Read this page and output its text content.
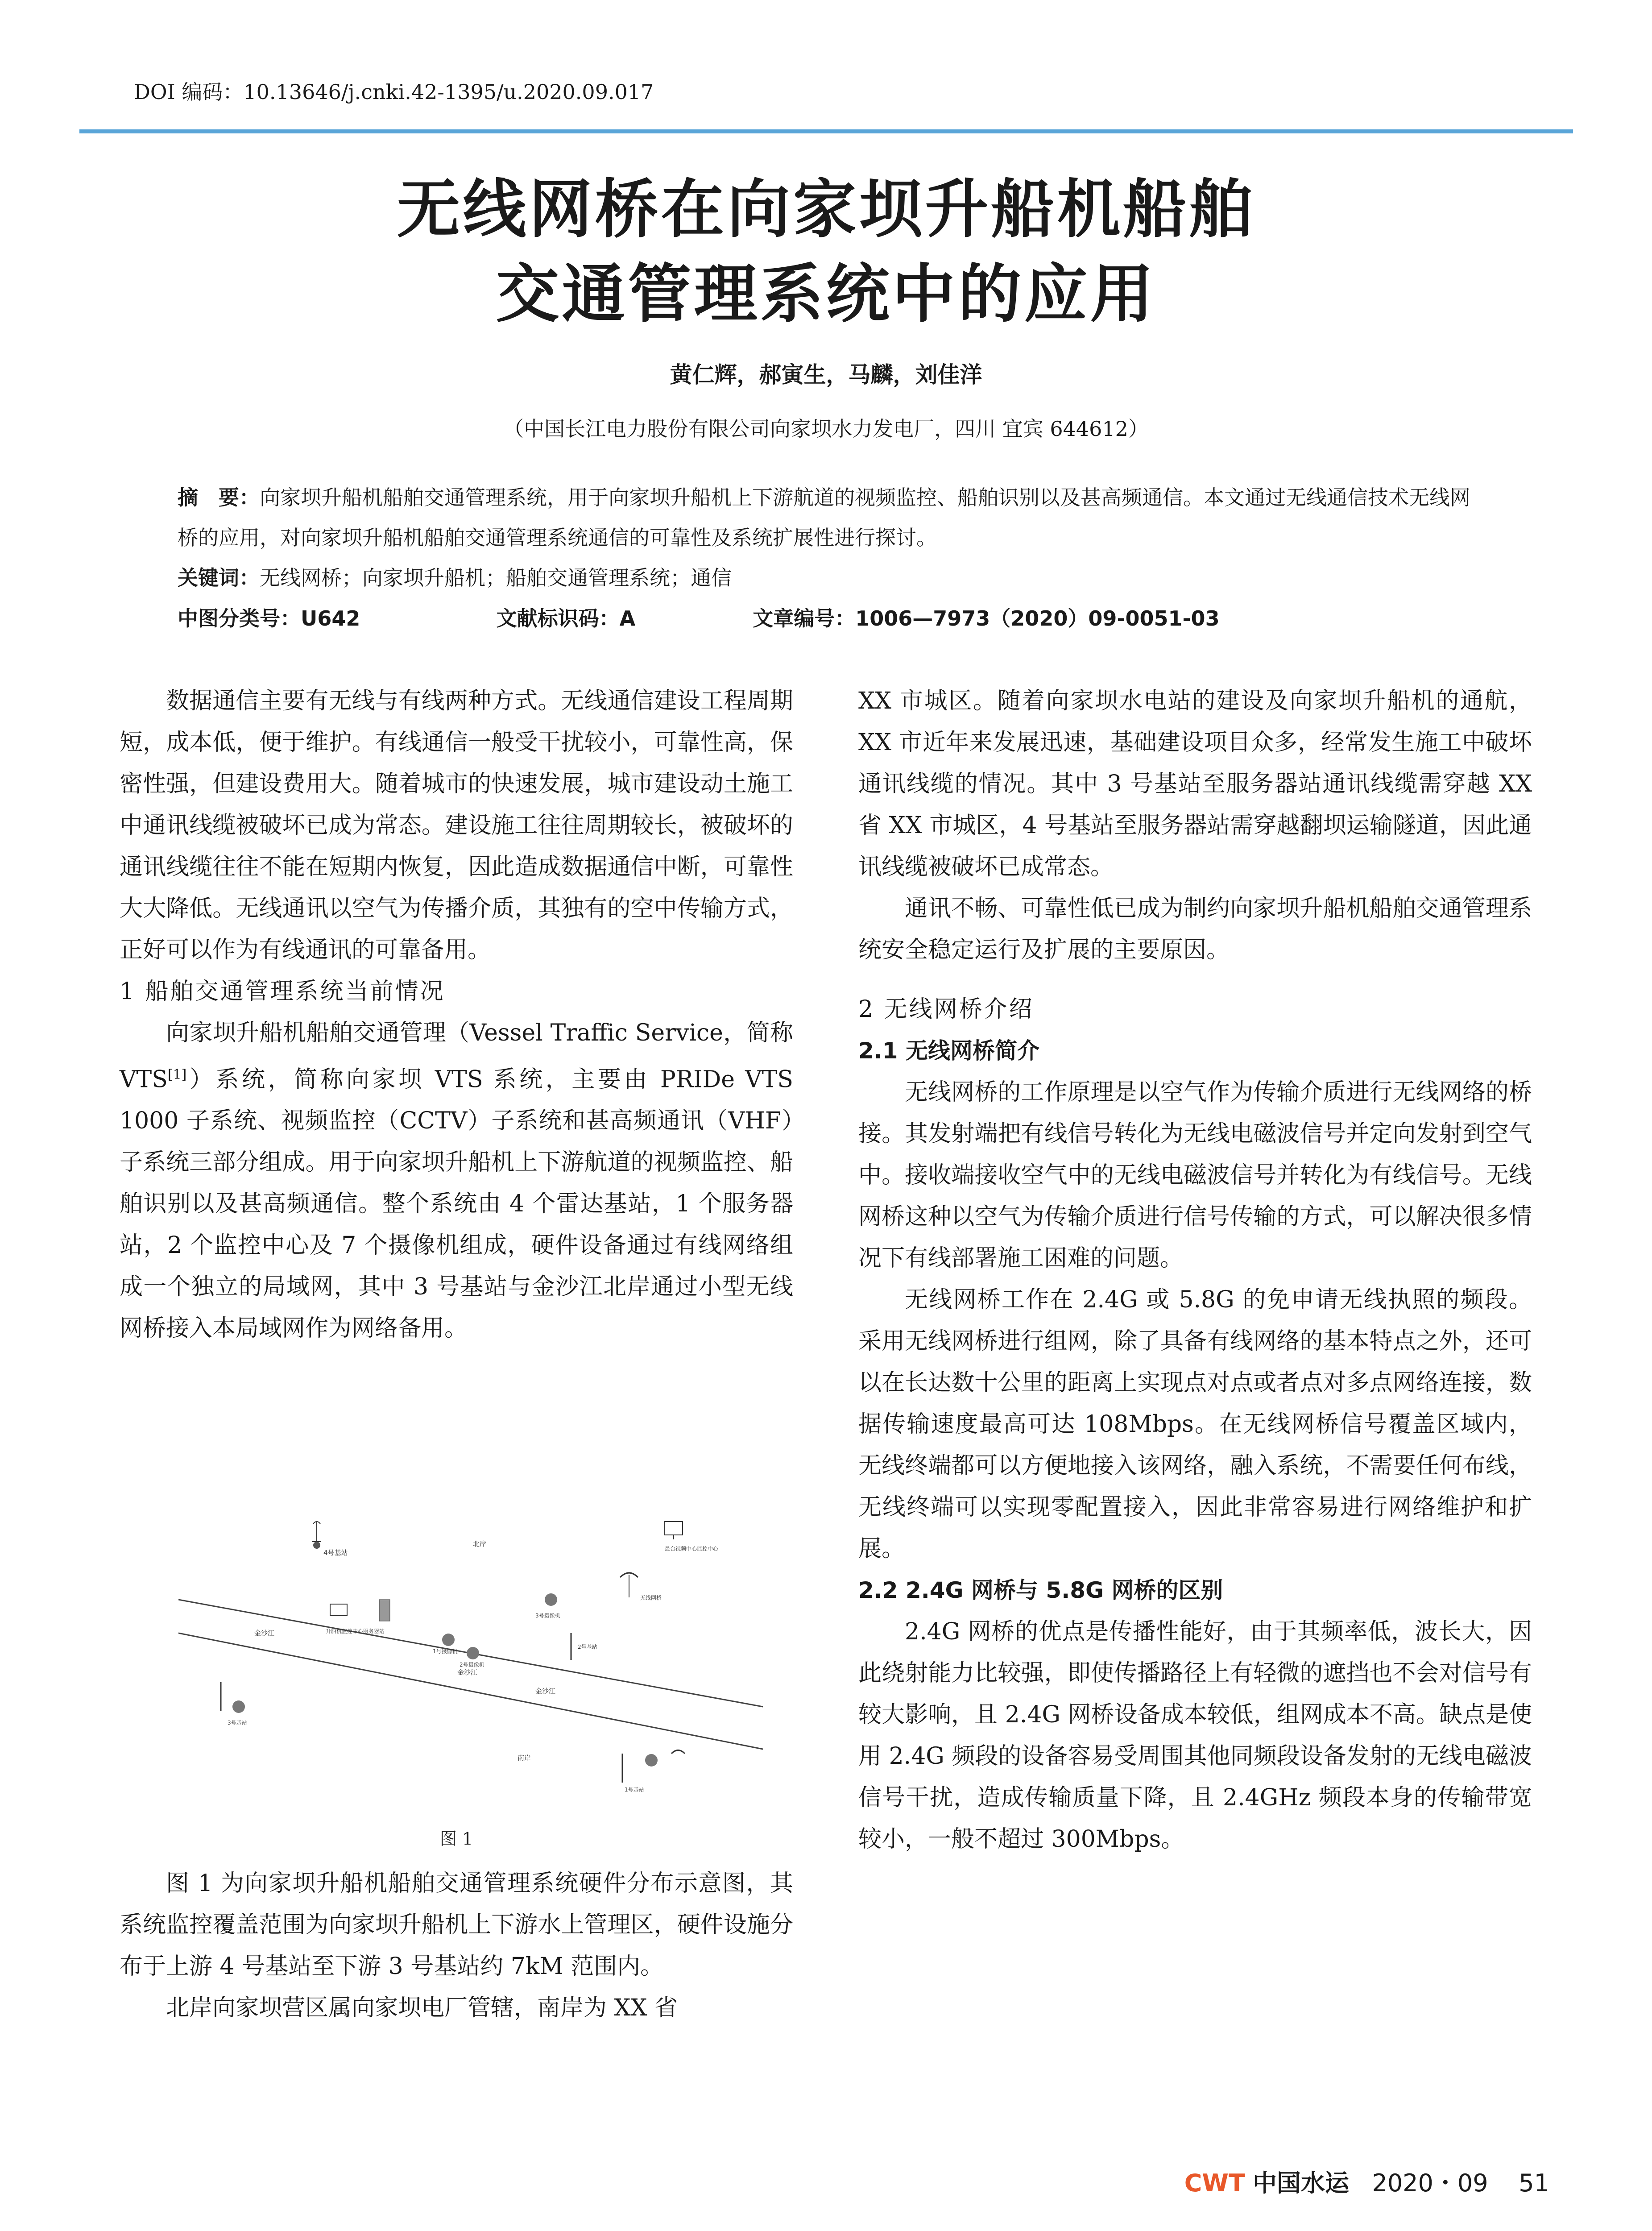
DOI 编码：10.13646/j.cnki.42-1395/u.2020.09.017
无线网桥在向家坝升船机船舶
交通管理系统中的应用
黄仁辉，郝寅生，马麟，刘佳洋
（中国长江电力股份有限公司向家坝水力发电厂，四川 宜宾 644612）
摘　要：向家坝升船机船舶交通管理系统，用于向家坝升船机上下游航道的视频监控、船舶识别以及甚高频通信。本文通过无线通信技术无线网桥的应用，对向家坝升船机船舶交通管理系统通信的可靠性及系统扩展性进行探讨。
关键词：无线网桥；向家坝升船机；船舶交通管理系统；通信
中图分类号：U642	文献标识码：A	文章编号：1006—7973（2020）09-0051-03

数据通信主要有无线与有线两种方式。无线通信建设工程周期短，成本低，便于维护。有线通信一般受干扰较小，可靠性高，保密性强，但建设费用大。随着城市的快速发展，城市建设动土施工中通讯线缆被破坏已成为常态。建设施工往往周期较长，被破坏的通讯线缆往往不能在短期内恢复，因此造成数据通信中断，可靠性大大降低。无线通讯以空气为传播介质，其独有的空中传输方式，正好可以作为有线通讯的可靠备用。

1 船舶交通管理系统当前情况

向家坝升船机船舶交通管理（Vessel Traffic Service，简称 VTS[1]）系统，简称向家坝 VTS 系统，主要由 PRIDe VTS 1000 子系统、视频监控（CCTV）子系统和甚高频通讯（VHF）子系统三部分组成。用于向家坝升船机上下游航道的视频监控、船舶识别以及甚高频通信。整个系统由 4 个雷达基站，1 个服务器站，2 个监控中心及 7 个摄像机组成，硬件设备通过有线网络组成一个独立的局域网，其中 3 号基站与金沙江北岸通过小型无线网桥接入本局域网作为网络备用。

北岸
南岸
金沙江
金沙江
金沙江
4号基站	最台视频中心监控中心
无线网桥
3号摄像机
升船机监控中心服务器站
1号摄像机
2号摄像机
2号基站
3号基站
1号基站
图 1

图 1 为向家坝升船机船舶交通管理系统硬件分布示意图，其系统监控覆盖范围为向家坝升船机上下游水上管理区，硬件设施分布于上游 4 号基站至下游 3 号基站约 7kM 范围内。

北岸向家坝营区属向家坝电厂管辖，南岸为 XX 省

XX 市城区。随着向家坝水电站的建设及向家坝升船机的通航， XX 市近年来发展迅速，基础建设项目众多，经常发生施工中破坏通讯线缆的情况。其中 3 号基站至服务器站通讯线缆需穿越 XX 省 XX 市城区，4 号基站至服务器站需穿越翻坝运输隧道，因此通讯线缆被破坏已成常态。

通讯不畅、可靠性低已成为制约向家坝升船机船舶交通管理系统安全稳定运行及扩展的主要原因。

2 无线网桥介绍
2.1 无线网桥简介

无线网桥的工作原理是以空气作为传输介质进行无线网络的桥接。其发射端把有线信号转化为无线电磁波信号并定向发射到空气中。接收端接收空气中的无线电磁波信号并转化为有线信号。无线网桥这种以空气为传输介质进行信号传输的方式，可以解决很多情况下有线部署施工困难的问题。

无线网桥工作在 2.4G 或 5.8G 的免申请无线执照的频段。采用无线网桥进行组网，除了具备有线网络的基本特点之外，还可以在长达数十公里的距离上实现点对点或者点对多点网络连接，数据传输速度最高可达 108Mbps。在无线网桥信号覆盖区域内，无线终端都可以方便地接入该网络，融入系统，不需要任何布线，无线终端可以实现零配置接入，因此非常容易进行网络维护和扩展。

2.2 2.4G 网桥与 5.8G 网桥的区别

2.4G 网桥的优点是传播性能好，由于其频率低，波长大，因此绕射能力比较强，即使传播路径上有轻微的遮挡也不会对信号有较大影响，且 2.4G 网桥设备成本较低，组网成本不高。缺点是使用 2.4G 频段的设备容易受周围其他同频段设备发射的无线电磁波信号干扰，造成传输质量下降，且 2.4GHz 频段本身的传输带宽较小，一般不超过 300Mbps。

CWT 中国水运 2020・09 51
